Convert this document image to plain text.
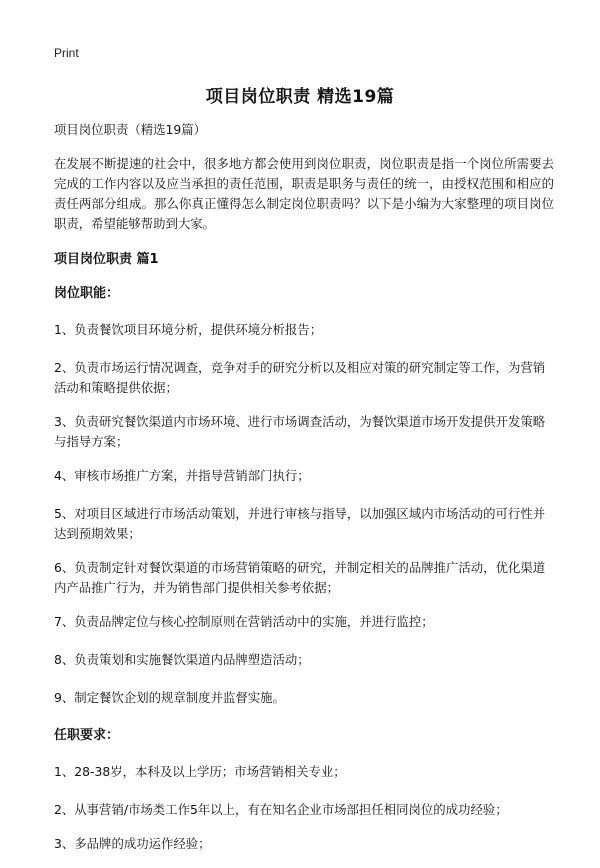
Print
项目岗位职责 精选19篇

项目岗位职责（精选19篇）

在发展不断提速的社会中，很多地方都会使用到岗位职责，岗位职责是指一个岗位所需要去完成的工作内容以及应当承担的责任范围，职责是职务与责任的统一，由授权范围和相应的责任两部分组成。那么你真正懂得怎么制定岗位职责吗？以下是小编为大家整理的项目岗位职责，希望能够帮助到大家。

项目岗位职责 篇1

岗位职能：

1、负责餐饮项目环境分析，提供环境分析报告；

2、负责市场运行情况调查，竞争对手的研究分析以及相应对策的研究制定等工作，为营销活动和策略提供依据；

3、负责研究餐饮渠道内市场环境、进行市场调查活动，为餐饮渠道市场开发提供开发策略与指导方案；

4、审核市场推广方案，并指导营销部门执行；

5、对项目区域进行市场活动策划，并进行审核与指导，以加强区域内市场活动的可行性并达到预期效果；

6、负责制定针对餐饮渠道的市场营销策略的研究，并制定相关的品牌推广活动，优化渠道内产品推广行为，并为销售部门提供相关参考依据；

7、负责品牌定位与核心控制原则在营销活动中的实施，并进行监控；

8、负责策划和实施餐饮渠道内品牌塑造活动；

9、制定餐饮企划的规章制度并监督实施。

任职要求：

1、28-38岁，本科及以上学历；市场营销相关专业；

2、从事营销/市场类工作5年以上，有在知名企业市场部担任相同岗位的成功经验；

3、多品牌的成功运作经验；
